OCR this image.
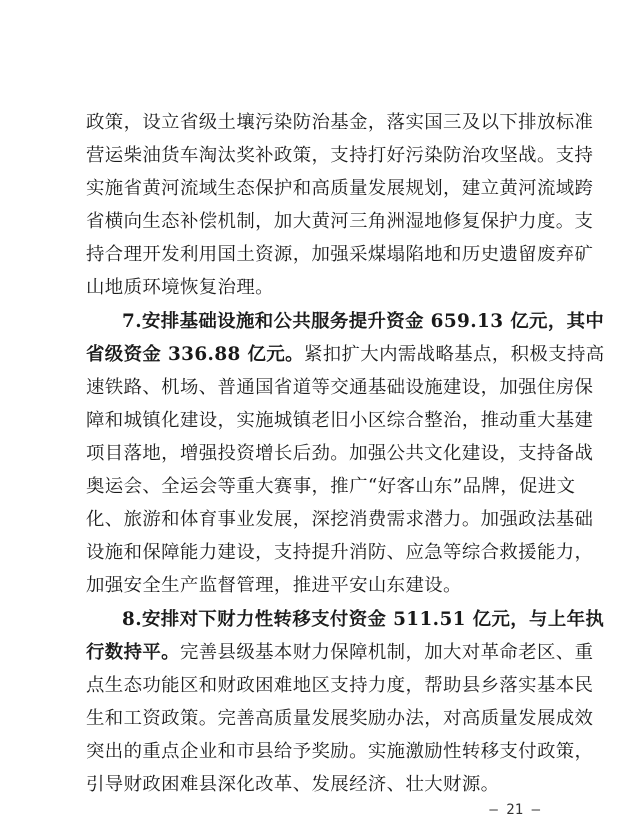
政策，设立省级土壤污染防治基金，落实国三及以下排放标准
营运柴油货车淘汰奖补政策，支持打好污染防治攻坚战。支持
实施省黄河流域生态保护和高质量发展规划，建立黄河流域跨
省横向生态补偿机制，加大黄河三角洲湿地修复保护力度。支
持合理开发利用国土资源，加强采煤塌陷地和历史遗留废弃矿
山地质环境恢复治理。
7.安排基础设施和公共服务提升资金 659.13 亿元，其中
省级资金 336.88 亿元。紧扣扩大内需战略基点，积极支持高
速铁路、机场、普通国省道等交通基础设施建设，加强住房保
障和城镇化建设，实施城镇老旧小区综合整治，推动重大基建
项目落地，增强投资增长后劲。加强公共文化建设，支持备战
奥运会、全运会等重大赛事，推广“好客山东”品牌，促进文
化、旅游和体育事业发展，深挖消费需求潜力。加强政法基础
设施和保障能力建设，支持提升消防、应急等综合救援能力，
加强安全生产监督管理，推进平安山东建设。
8.安排对下财力性转移支付资金 511.51 亿元，与上年执
行数持平。完善县级基本财力保障机制，加大对革命老区、重
点生态功能区和财政困难地区支持力度，帮助县乡落实基本民
生和工资政策。完善高质量发展奖励办法，对高质量发展成效
突出的重点企业和市县给予奖励。实施激励性转移支付政策，
引导财政困难县深化改革、发展经济、壮大财源。
— 21 —
